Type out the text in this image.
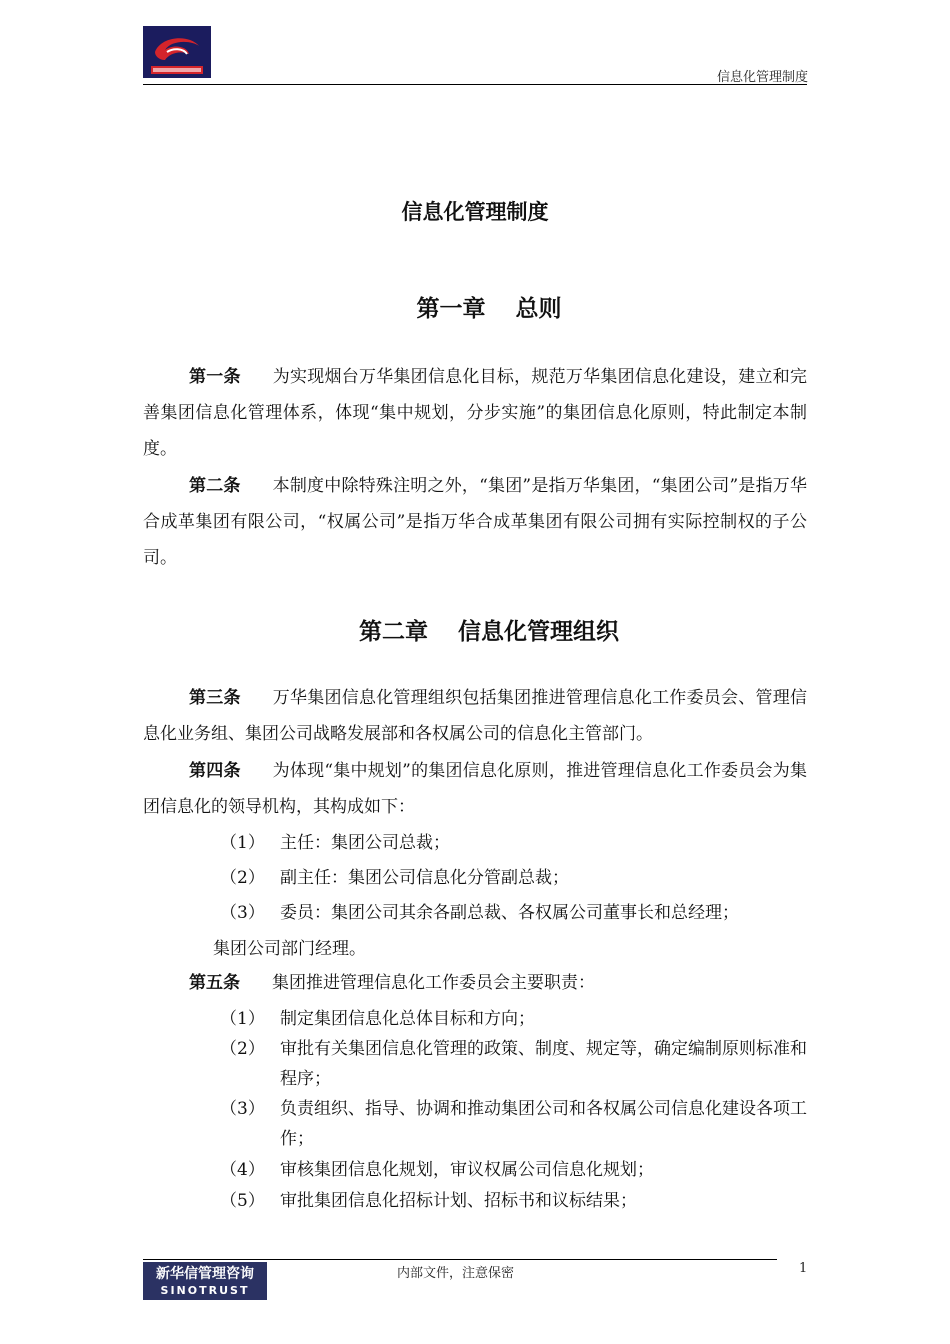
信息化管理制度
信息化管理制度
第一章 总则
第一条 为实现烟台万华集团信息化目标，规范万华集团信息化建设，建立和完善集团信息化管理体系，体现“集中规划，分步实施”的集团信息化原则，特此制定本制度。
第二条 本制度中除特殊注明之外，“集团”是指万华集团，“集团公司”是指万华合成革集团有限公司，“权属公司”是指万华合成革集团有限公司拥有实际控制权的子公司。
第二章 信息化管理组织
第三条 万华集团信息化管理组织包括集团推进管理信息化工作委员会、管理信息化业务组、集团公司战略发展部和各权属公司的信息化主管部门。
第四条 为体现“集中规划”的集团信息化原则，推进管理信息化工作委员会为集团信息化的领导机构，其构成如下：
（1） 主任：集团公司总裁；
（2） 副主任：集团公司信息化分管副总裁；
（3） 委员：集团公司其余各副总裁、各权属公司董事长和总经理；
集团公司部门经理。
第五条 集团推进管理信息化工作委员会主要职责：
（1） 制定集团信息化总体目标和方向；
（2） 审批有关集团信息化管理的政策、制度、规定等，确定编制原则标准和程序；
（3） 负责组织、指导、协调和推动集团公司和各权属公司信息化建设各项工作；
（4） 审核集团信息化规划，审议权属公司信息化规划；
（5） 审批集团信息化招标计划、招标书和议标结果；
新华信管理咨询
SINOTRUST
内部文件，注意保密	1
